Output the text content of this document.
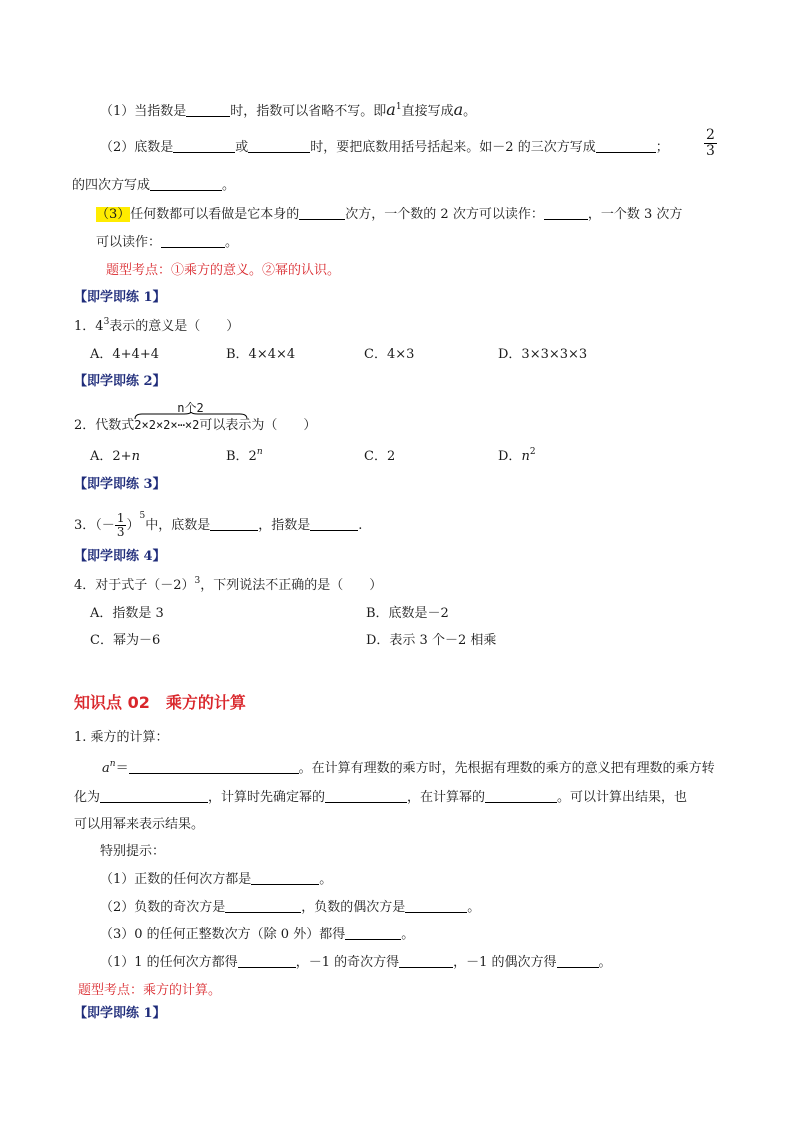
（1）当指数是	时，指数可以省略不写。即$a^1$直接写成a。
（2）底数是	或	时，要把底数用括号括起来。如－2 的三次方写成	；	$\frac{2}{3}$
的四次方写成	。
（3）任何数都可以看做是它本身的	次方，一个数的 2 次方可以读作：	，一个数 3 次方
可以读作：	。
题型考点：①乘方的意义。②幂的认识。
【即学即练 1】
1．$4^3$表示的意义是（　　）
A．4+4+4	B．4×4×4	C．4×3	D．3×3×3×3
【即学即练 2】
2．代数式
n个2
2×2×2×⋯×2可以表示为（　　）
A．2+n	B．2$^n$	C．2	D．$n^2$
【即学即练 3】
3．（－ $\frac{1}{3} )^5$中，底数是	，指数是	.
【即学即练 4】
4．对于式子$(-2)^3$，下列说法不正确的是（　　）
A．指数是 3	B．底数是－2
C．幂为－6	D．表示 3 个－2 相乘
知识点 02　乘方的计算
1. 乘方的计算：
$a^n=$	。在计算有理数的乘方时，先根据有理数的乘方的意义把有理数的乘方转
化为	，计算时先确定幂的	，在计算幂的	。可以计算出结果，也
可以用幂来表示结果。
特别提示：
（1）正数的任何次方都是	。
（2）负数的奇次方是	，负数的偶次方是	。
（3）0 的任何正整数次方（除 0 外）都得	。
（1）1 的任何次方都得	，－1 的奇次方得	，－1 的偶次方得	。
题型考点：乘方的计算。
【即学即练 1】
